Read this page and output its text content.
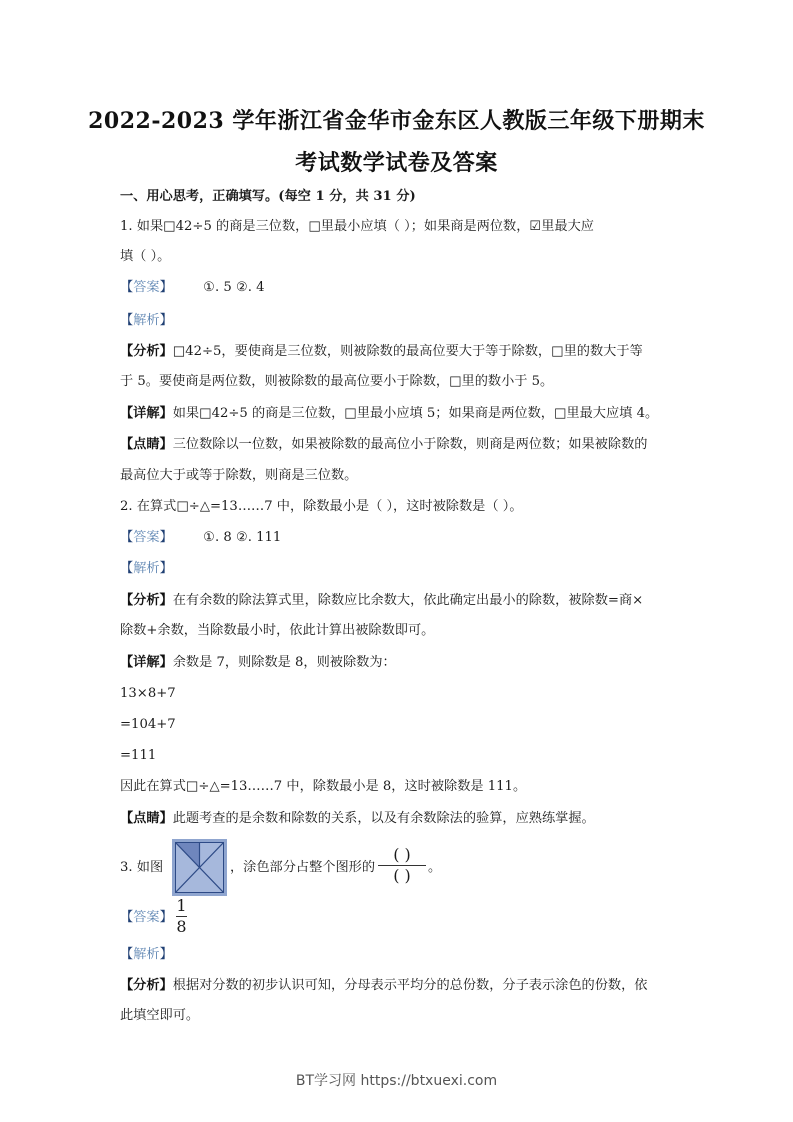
2022-2023 学年浙江省金华市金东区人教版三年级下册期末
考试数学试卷及答案
一、用心思考，正确填写。(每空 1 分，共 31 分)
1. 如果□42÷5 的商是三位数，□里最小应填（ ）；如果商是两位数，☑里最大应
填（ ）。
【答案】 ①. 5 ②. 4
【解析】
【分析】□42÷5，要使商是三位数，则被除数的最高位要大于等于除数，□里的数大于等
于 5。要使商是两位数，则被除数的最高位要小于除数，□里的数小于 5。
【详解】如果□42÷5 的商是三位数，□里最小应填 5；如果商是两位数，□里最大应填 4。
【点睛】三位数除以一位数，如果被除数的最高位小于除数，则商是两位数；如果被除数的
最高位大于或等于除数，则商是三位数。
2. 在算式□÷△=13……7 中，除数最小是（ ），这时被除数是（ ）。
【答案】 ①. 8 ②. 111
【解析】
【分析】在有余数的除法算式里，除数应比余数大，依此确定出最小的除数，被除数=商×
除数+余数，当除数最小时，依此计算出被除数即可。
【详解】余数是 7，则除数是 8，则被除数为：
13×8+7
=104+7
=111
因此在算式□÷△=13……7 中，除数最小是 8，这时被除数是 111。
【点睛】此题考查的是余数和除数的关系，以及有余数除法的验算，应熟练掌握。
3. 如图	，涂色部分占整个图形的
( )
( ) 。
【答案】
1
8
【解析】
【分析】根据对分数的初步认识可知，分母表示平均分的总份数，分子表示涂色的份数，依
此填空即可。
BT学习网 https://btxuexi.com
